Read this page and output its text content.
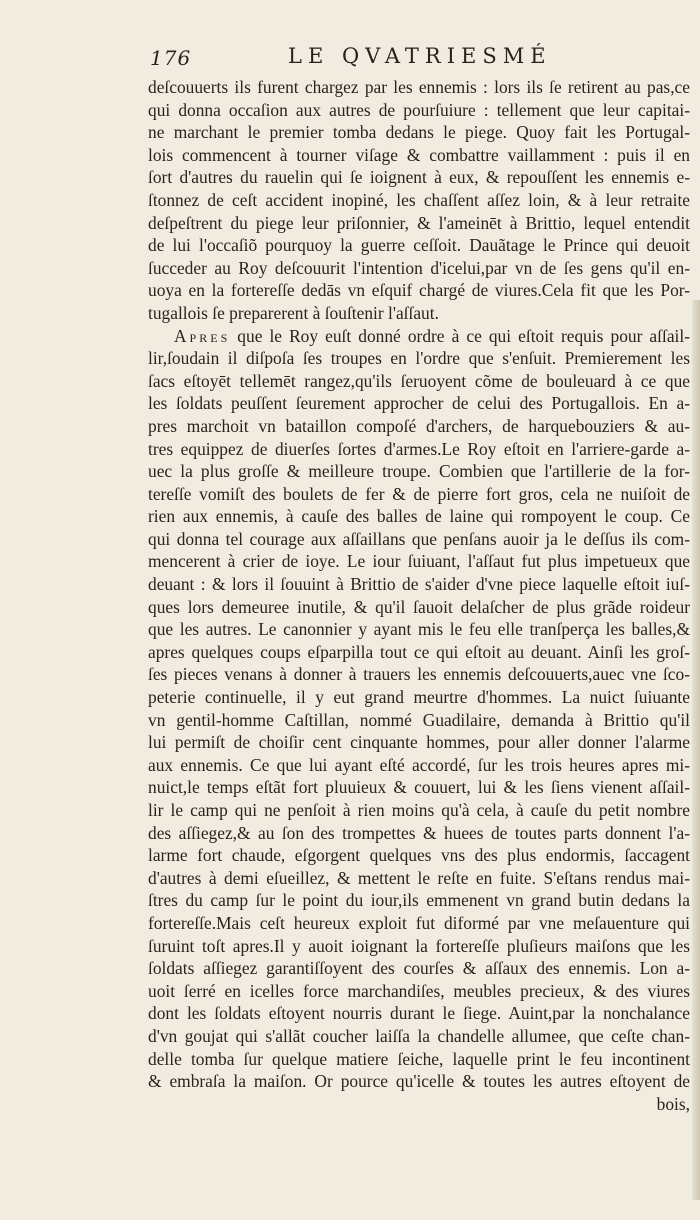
176	LE QVATRIESMÉ
deſcouuerts ils furent chargez par les ennemis : lors ils ſe retirent au pas,ce
qui donna occaſion aux autres de pourſuiure : tellement que leur capitai-
ne marchant le premier tomba dedans le piege. Quoy fait les Portugal-
lois commencent à tourner viſage & combattre vaillamment : puis il en
ſort d'autres du rauelin qui ſe ioignent à eux, & repouſſent les ennemis e-
ſtonnez de ceſt accident inopiné, les chaſſent aſſez loin, & à leur retraite
deſpeſtrent du piege leur priſonnier, & l'ameinēt à Brittio, lequel entendit
de lui l'occaſiõ pourquoy la guerre ceſſoit. Dauãtage le Prince qui deuoit
ſucceder au Roy deſcouurit l'intention d'icelui,par vn de ſes gens qu'il en-
uoya en la fortereſſe dedās vn eſquif chargé de viures.Cela fit que les Por-
tugallois ſe preparerent à ſouſtenir l'aſſaut.
Apres que le Roy euſt donné ordre à ce qui eſtoit requis pour aſſail-
lir,ſoudain il diſpoſa ſes troupes en l'ordre que s'enſuit. Premierement les
ſacs eſtoyēt tellemēt rangez,qu'ils ſeruoyent cõme de bouleuard à ce que
les ſoldats peuſſent ſeurement approcher de celui des Portugallois. En a-
pres marchoit vn bataillon compoſé d'archers, de harquebouziers & au-
tres equippez de diuerſes ſortes d'armes.Le Roy eſtoit en l'arriere-garde a-
uec la plus groſſe & meilleure troupe. Combien que l'artillerie de la for-
tereſſe vomiſt des boulets de fer & de pierre fort gros, cela ne nuiſoit de
rien aux ennemis, à cauſe des balles de laine qui rompoyent le coup. Ce
qui donna tel courage aux aſſaillans que penſans auoir ja le deſſus ils com-
mencerent à crier de ioye. Le iour ſuiuant, l'aſſaut fut plus impetueux que
deuant : & lors il ſouuint à Brittio de s'aider d'vne piece laquelle eſtoit iuſ-
ques lors demeuree inutile, & qu'il ſauoit delaſcher de plus grãde roideur
que les autres. Le canonnier y ayant mis le feu elle tranſperça les balles,&
apres quelques coups eſparpilla tout ce qui eſtoit au deuant. Ainſi les groſ-
ſes pieces venans à donner à trauers les ennemis deſcouuerts,auec vne ſco-
peterie continuelle, il y eut grand meurtre d'hommes. La nuict ſuiuante
vn gentil-homme Caſtillan, nommé Guadilaire, demanda à Brittio qu'il
lui permiſt de choiſir cent cinquante hommes, pour aller donner l'alarme
aux ennemis. Ce que lui ayant eſté accordé, ſur les trois heures apres mi-
nuict,le temps eſtãt fort pluuieux & couuert, lui & les ſiens vienent aſſail-
lir le camp qui ne penſoit à rien moins qu'à cela, à cauſe du petit nombre
des aſſiegez,& au ſon des trompettes & huees de toutes parts donnent l'a-
larme fort chaude, eſgorgent quelques vns des plus endormis, ſaccagent
d'autres à demi eſueillez, & mettent le reſte en fuite. S'eſtans rendus mai-
ſtres du camp ſur le point du iour,ils emmenent vn grand butin dedans la
fortereſſe.Mais ceſt heureux exploit fut diformé par vne meſauenture qui
ſuruint toſt apres.Il y auoit ioignant la fortereſſe pluſieurs maiſons que les
ſoldats aſſiegez garantiſſoyent des courſes & aſſaux des ennemis. Lon a-
uoit ſerré en icelles force marchandiſes, meubles precieux, & des viures
dont les ſoldats eſtoyent nourris durant le ſiege. Auint,par la nonchalance
d'vn goujat qui s'allãt coucher laiſſa la chandelle allumee, que ceſte chan-
delle tomba ſur quelque matiere ſeiche, laquelle print le feu incontinent
& embraſa la maiſon. Or pource qu'icelle & toutes les autres eſtoyent de
bois,
